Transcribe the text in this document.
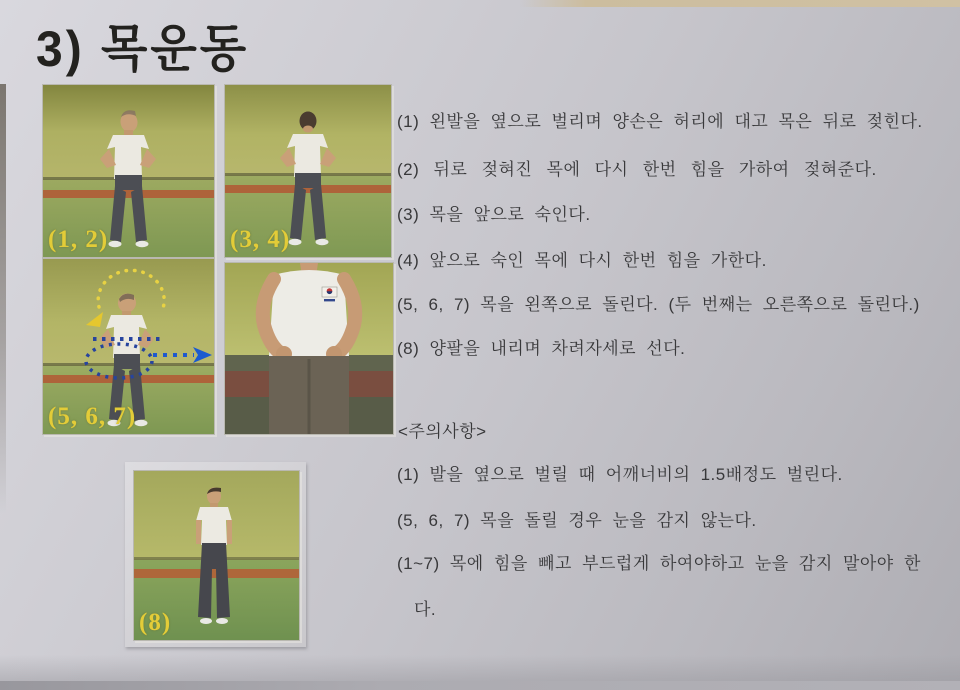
3) 목운동
(1, 2)	(3, 4)
(5, 6, 7)
(8)
(1) 왼발을 옆으로 벌리며 양손은 허리에 대고 목은 뒤로 젖힌다.
(2) 뒤로 젖혀진 목에 다시 한번 힘을 가하여 젖혀준다.
(3) 목을 앞으로 숙인다.
(4) 앞으로 숙인 목에 다시 한번 힘을 가한다.
(5, 6, 7) 목을 왼쪽으로 돌린다. (두 번째는 오른쪽으로 돌린다.)
(8) 양팔을 내리며 차려자세로 선다.
<주의사항>
(1) 발을 옆으로 벌릴 때 어깨너비의 1.5배정도 벌린다.
(5, 6, 7) 목을 돌릴 경우 눈을 감지 않는다.
(1~7) 목에 힘을 빼고 부드럽게 하여야하고 눈을 감지 말아야 한
다.
